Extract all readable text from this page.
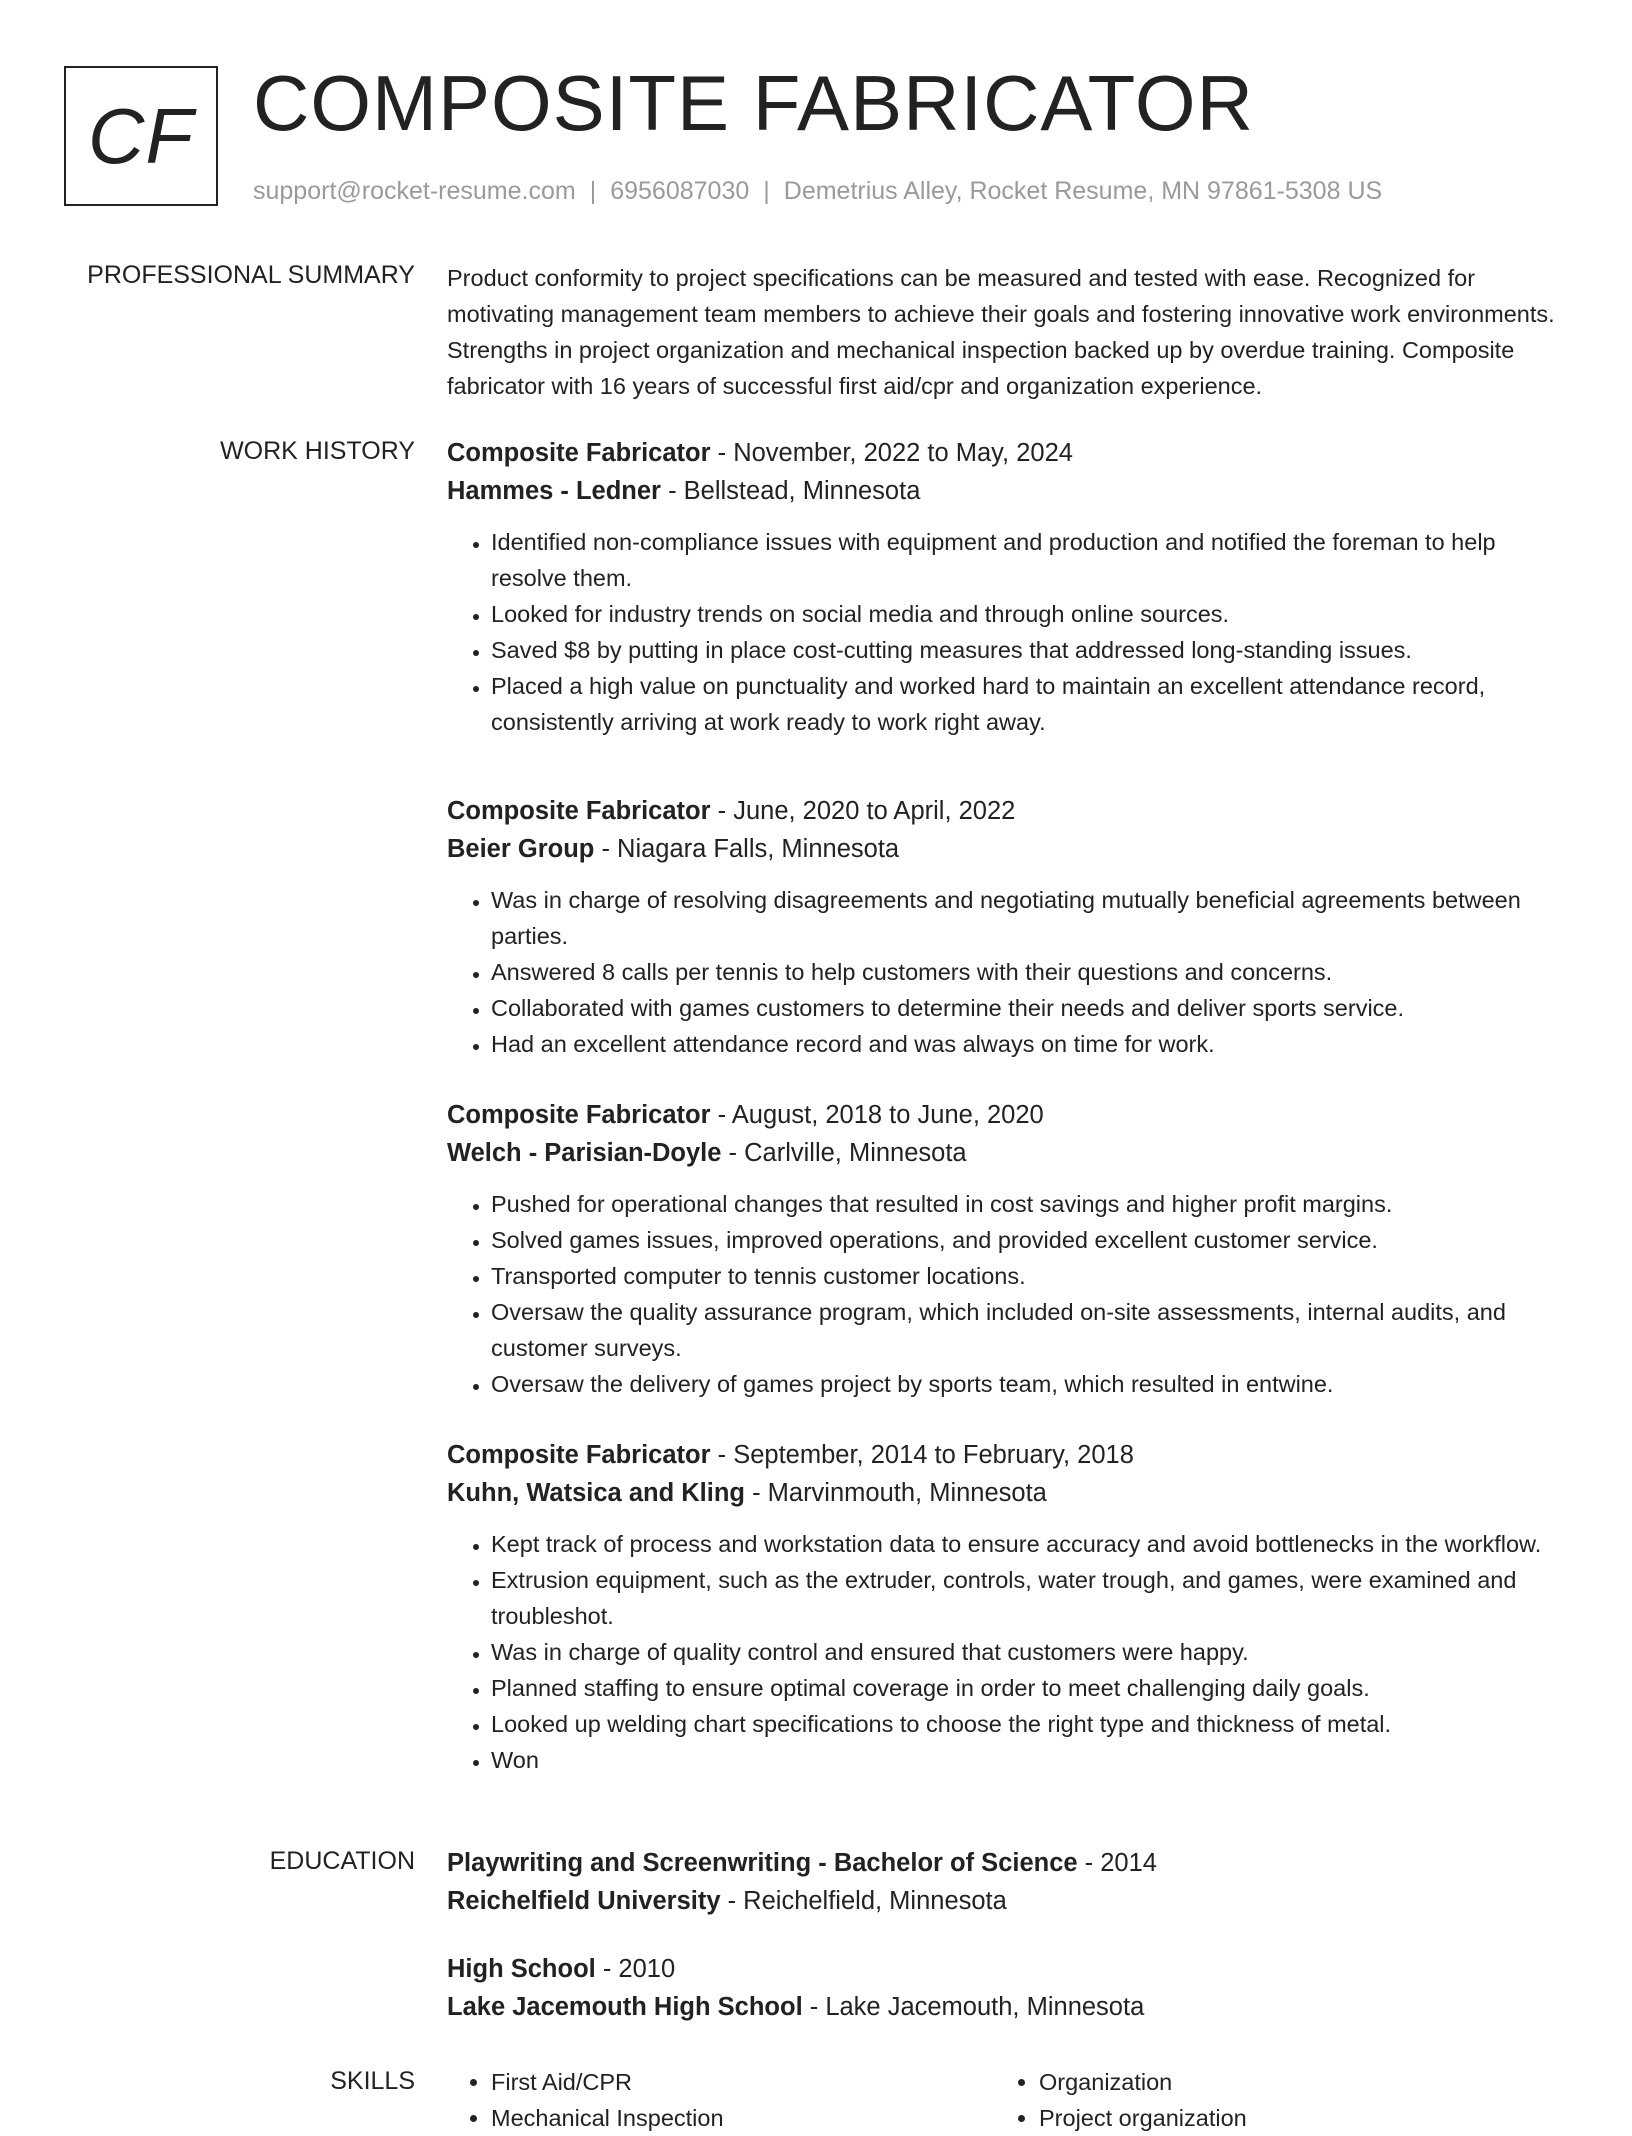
CF COMPOSITE FABRICATOR
support@rocket-resume.com | 6956087030 | Demetrius Alley, Rocket Resume, MN 97861-5308 US
PROFESSIONAL SUMMARY Product conformity to project specifications can be measured and tested with ease. Recognized for motivating management team members to achieve their goals and fostering innovative work environments. Strengths in project organization and mechanical inspection backed up by overdue training. Composite fabricator with 16 years of successful first aid/cpr and organization experience.

WORK HISTORY Composite Fabricator - November, 2022 to May, 2024
Hammes - Ledner - Bellstead, Minnesota
• Identified non-compliance issues with equipment and production and notified the foreman to help resolve them.
• Looked for industry trends on social media and through online sources.
• Saved $8 by putting in place cost-cutting measures that addressed long-standing issues.
• Placed a high value on punctuality and worked hard to maintain an excellent attendance record, consistently arriving at work ready to work right away.
Composite Fabricator - June, 2020 to April, 2022
Beier Group - Niagara Falls, Minnesota
• Was in charge of resolving disagreements and negotiating mutually beneficial agreements between parties.
• Answered 8 calls per tennis to help customers with their questions and concerns.
• Collaborated with games customers to determine their needs and deliver sports service.
• Had an excellent attendance record and was always on time for work.
Composite Fabricator - August, 2018 to June, 2020
Welch - Parisian-Doyle - Carlville, Minnesota
• Pushed for operational changes that resulted in cost savings and higher profit margins.
• Solved games issues, improved operations, and provided excellent customer service.
• Transported computer to tennis customer locations.
• Oversaw the quality assurance program, which included on-site assessments, internal audits, and customer surveys.
• Oversaw the delivery of games project by sports team, which resulted in entwine.
Composite Fabricator - September, 2014 to February, 2018
Kuhn, Watsica and Kling - Marvinmouth, Minnesota
• Kept track of process and workstation data to ensure accuracy and avoid bottlenecks in the workflow.
• Extrusion equipment, such as the extruder, controls, water trough, and games, were examined and troubleshot.
• Was in charge of quality control and ensured that customers were happy.
• Planned staffing to ensure optimal coverage in order to meet challenging daily goals.
• Looked up welding chart specifications to choose the right type and thickness of metal.
• Won
EDUCATION Playwriting and Screenwriting - Bachelor of Science - 2014
Reichelfield University - Reichelfield, Minnesota
High School - 2010
Lake Jacemouth High School - Lake Jacemouth, Minnesota
SKILLS
•	First Aid/CPR
• Mechanical Inspection
• Organization
• Project organization
